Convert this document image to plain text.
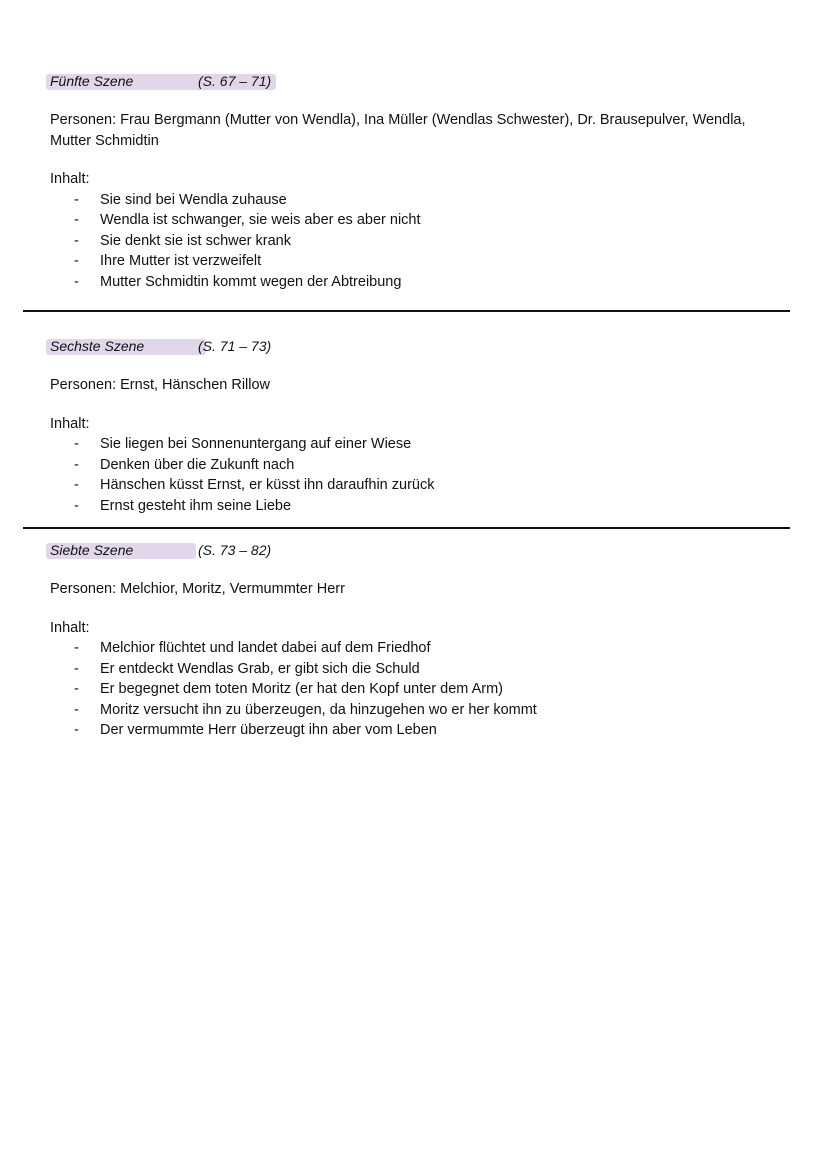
Fünfte Szene	(S. 67 – 71)
Personen: Frau Bergmann (Mutter von Wendla), Ina Müller (Wendlas Schwester), Dr. Brausepulver, Wendla, Mutter Schmidtin
Inhalt:
- Sie sind bei Wendla zuhause
- Wendla ist schwanger, sie weis aber es aber nicht
- Sie denkt sie ist schwer krank
- Ihre Mutter ist verzweifelt
- Mutter Schmidtin kommt wegen der Abtreibung
Sechste Szene	(S. 71 – 73)
Personen: Ernst, Hänschen Rillow
Inhalt:
- Sie liegen bei Sonnenuntergang auf einer Wiese
- Denken über die Zukunft nach
- Hänschen küsst Ernst, er küsst ihn daraufhin zurück
- Ernst gesteht ihm seine Liebe
Siebte Szene	(S. 73 – 82)
Personen: Melchior, Moritz, Vermummter Herr
Inhalt:
- Melchior flüchtet und landet dabei auf dem Friedhof
- Er entdeckt Wendlas Grab, er gibt sich die Schuld
- Er begegnet dem toten Moritz (er hat den Kopf unter dem Arm)
- Moritz versucht ihn zu überzeugen, da hinzugehen wo er her kommt
- Der vermummte Herr überzeugt ihn aber vom Leben
